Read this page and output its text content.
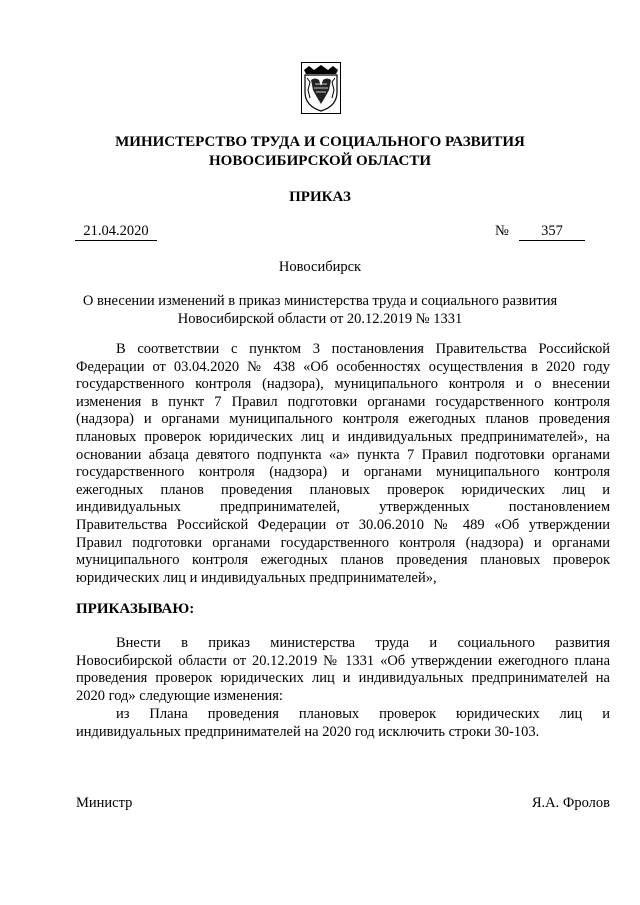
МИНИСТЕРСТВО ТРУДА И СОЦИАЛЬНОГО РАЗВИТИЯ
НОВОСИБИРСКОЙ ОБЛАСТИ
ПРИКАЗ
21.04.2020	№	357
Новосибирск
О внесении изменений в приказ министерства труда и социального развития
Новосибирской области от 20.12.2019 № 1331
В соответствии с пунктом 3 постановления Правительства Российской
Федерации от 03.04.2020 № 438 «Об особенностях осуществления в 2020 году
государственного контроля (надзора), муниципального контроля и о внесении
изменения в пункт 7 Правил подготовки органами государственного контроля
(надзора) и органами муниципального контроля ежегодных планов проведения
плановых проверок юридических лиц и индивидуальных предпринимателей», на
основании абзаца девятого подпункта «а» пункта 7 Правил подготовки органами
государственного контроля (надзора) и органами муниципального контроля
ежегодных планов проведения плановых проверок юридических лиц и
индивидуальных предпринимателей, утвержденных постановлением
Правительства Российской Федерации от 30.06.2010 № 489 «Об утверждении
Правил подготовки органами государственного контроля (надзора) и органами
муниципального контроля ежегодных планов проведения плановых проверок
юридических лиц и индивидуальных предпринимателей»,
ПРИКАЗЫВАЮ:
Внести в приказ министерства труда и социального развития
Новосибирской области от 20.12.2019 № 1331 «Об утверждении ежегодного плана
проведения проверок юридических лиц и индивидуальных предпринимателей на
2020 год» следующие изменения:
из Плана проведения плановых проверок юридических лиц и
индивидуальных предпринимателей на 2020 год исключить строки 30-103.
Министр	Я.А. Фролов
